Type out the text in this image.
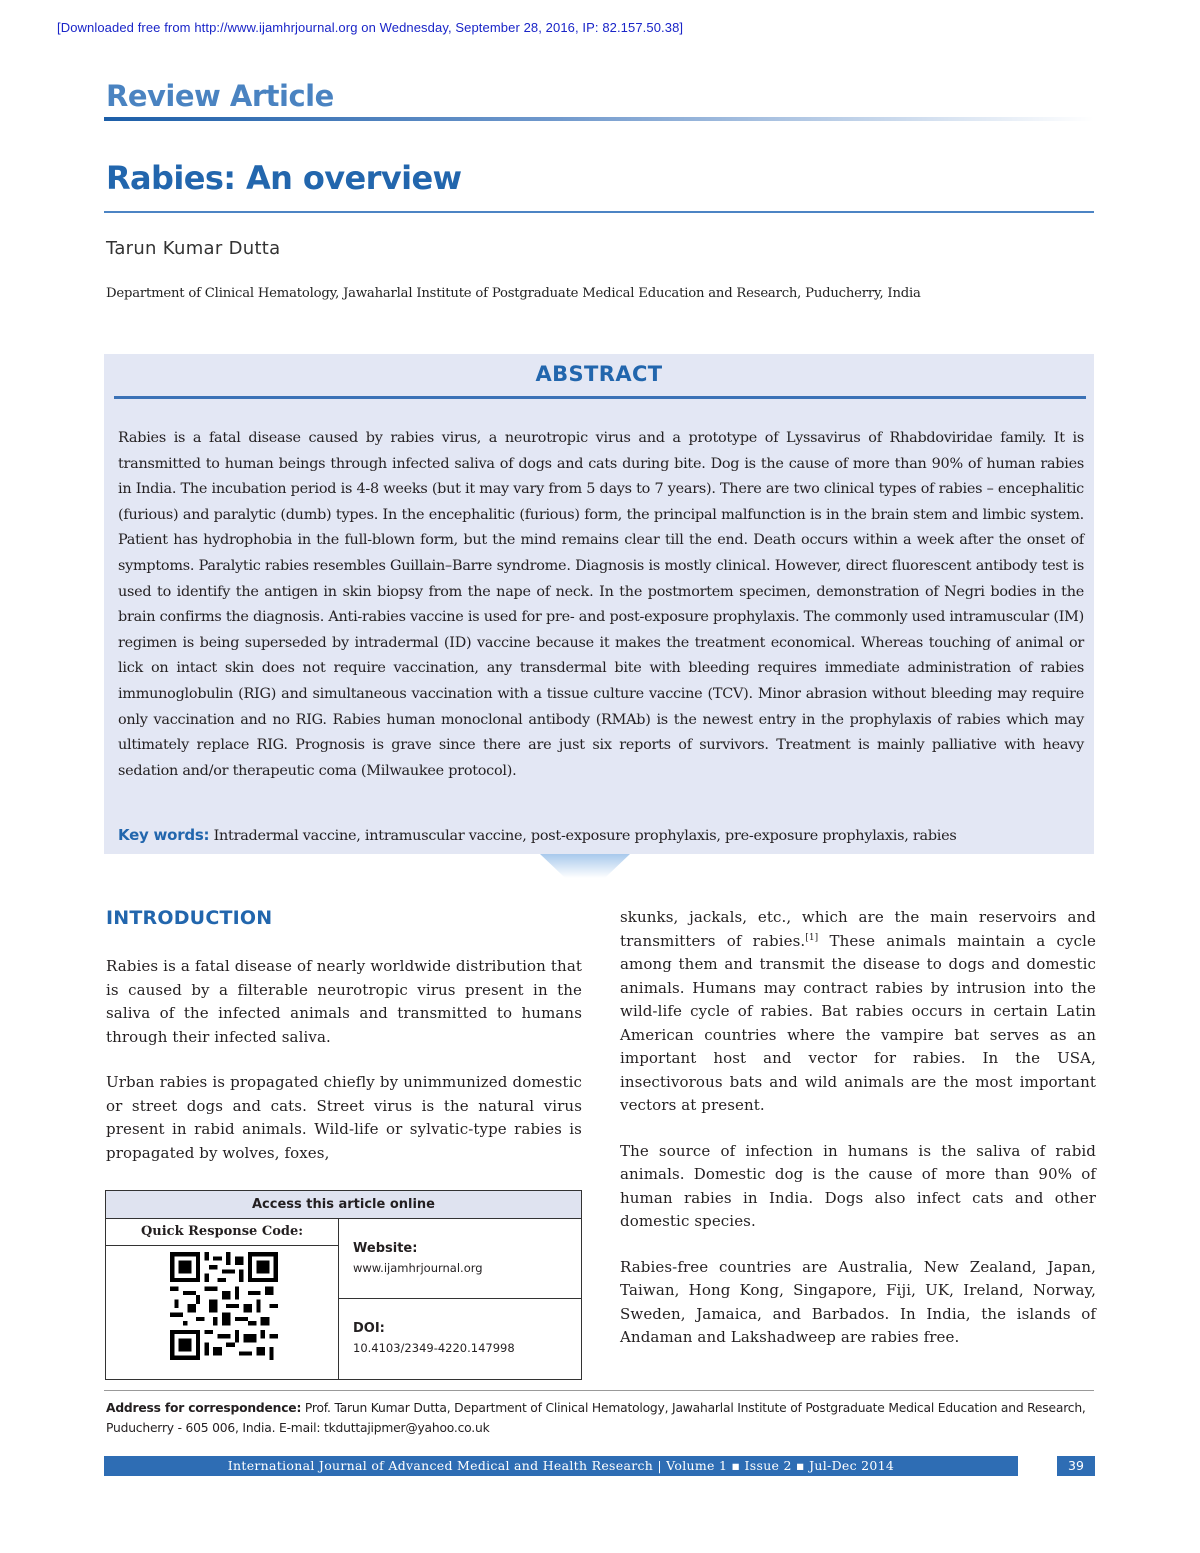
[Downloaded free from http://www.ijamhrjournal.org on Wednesday, September 28, 2016, IP: 82.157.50.38]
Review Article
Rabies: An overview
Tarun Kumar Dutta
Department of Clinical Hematology, Jawaharlal Institute of Postgraduate Medical Education and Research, Puducherry, India
ABSTRACT
Rabies is a fatal disease caused by rabies virus, a neurotropic virus and a prototype of Lyssavirus of Rhabdoviridae family. It is transmitted to human beings through infected saliva of dogs and cats during bite. Dog is the cause of more than 90% of human rabies in India. The incubation period is 4-8 weeks (but it may vary from 5 days to 7 years). There are two clinical types of rabies – encephalitic (furious) and paralytic (dumb) types. In the encephalitic (furious) form, the principal malfunction is in the brain stem and limbic system. Patient has hydrophobia in the full-blown form, but the mind remains clear till the end. Death occurs within a week after the onset of symptoms. Paralytic rabies resembles Guillain–Barre syndrome. Diagnosis is mostly clinical. However, direct fluorescent antibody test is used to identify the antigen in skin biopsy from the nape of neck. In the postmortem specimen, demonstration of Negri bodies in the brain confirms the diagnosis. Anti-rabies vaccine is used for pre- and post-exposure prophylaxis. The commonly used intramuscular (IM) regimen is being superseded by intradermal (ID) vaccine because it makes the treatment economical. Whereas touching of animal or lick on intact skin does not require vaccination, any transdermal bite with bleeding requires immediate administration of rabies immunoglobulin (RIG) and simultaneous vaccination with a tissue culture vaccine (TCV). Minor abrasion without bleeding may require only vaccination and no RIG. Rabies human monoclonal antibody (RMAb) is the newest entry in the prophylaxis of rabies which may ultimately replace RIG. Prognosis is grave since there are just six reports of survivors. Treatment is mainly palliative with heavy sedation and/or therapeutic coma (Milwaukee protocol).
Key words: Intradermal vaccine, intramuscular vaccine, post-exposure prophylaxis, pre-exposure prophylaxis, rabies
INTRODUCTION

Rabies is a fatal disease of nearly worldwide distribution that is caused by a filterable neurotropic virus present in the saliva of the infected animals and transmitted to humans through their infected saliva.

Urban rabies is propagated chiefly by unimmunized domestic or street dogs and cats. Street virus is the natural virus present in rabid animals. Wild-life or sylvatic-type rabies is propagated by wolves, foxes,

Access this article online
Quick Response Code:
Website:
www.ijamhrjournal.org
DOI:
10.4103/2349-4220.147998

skunks, jackals, etc., which are the main reservoirs and transmitters of rabies.[1] These animals maintain a cycle among them and transmit the disease to dogs and domestic animals. Humans may contract rabies by intrusion into the wild-life cycle of rabies. Bat rabies occurs in certain Latin American countries where the vampire bat serves as an important host and vector for rabies. In the USA, insectivorous bats and wild animals are the most important vectors at present.

The source of infection in humans is the saliva of rabid animals. Domestic dog is the cause of more than 90% of human rabies in India. Dogs also infect cats and other domestic species.

Rabies-free countries are Australia, New Zealand, Japan, Taiwan, Hong Kong, Singapore, Fiji, UK, Ireland, Norway, Sweden, Jamaica, and Barbados. In India, the islands of Andaman and Lakshadweep are rabies free.

Address for correspondence: Prof. Tarun Kumar Dutta, Department of Clinical Hematology, Jawaharlal Institute of Postgraduate Medical Education and Research, Puducherry - 605 006, India. E-mail: tkduttajipmer@yahoo.co.uk
International Journal of Advanced Medical and Health Research | Volume 1 ▪ Issue 2 ▪ Jul-Dec 2014	39
